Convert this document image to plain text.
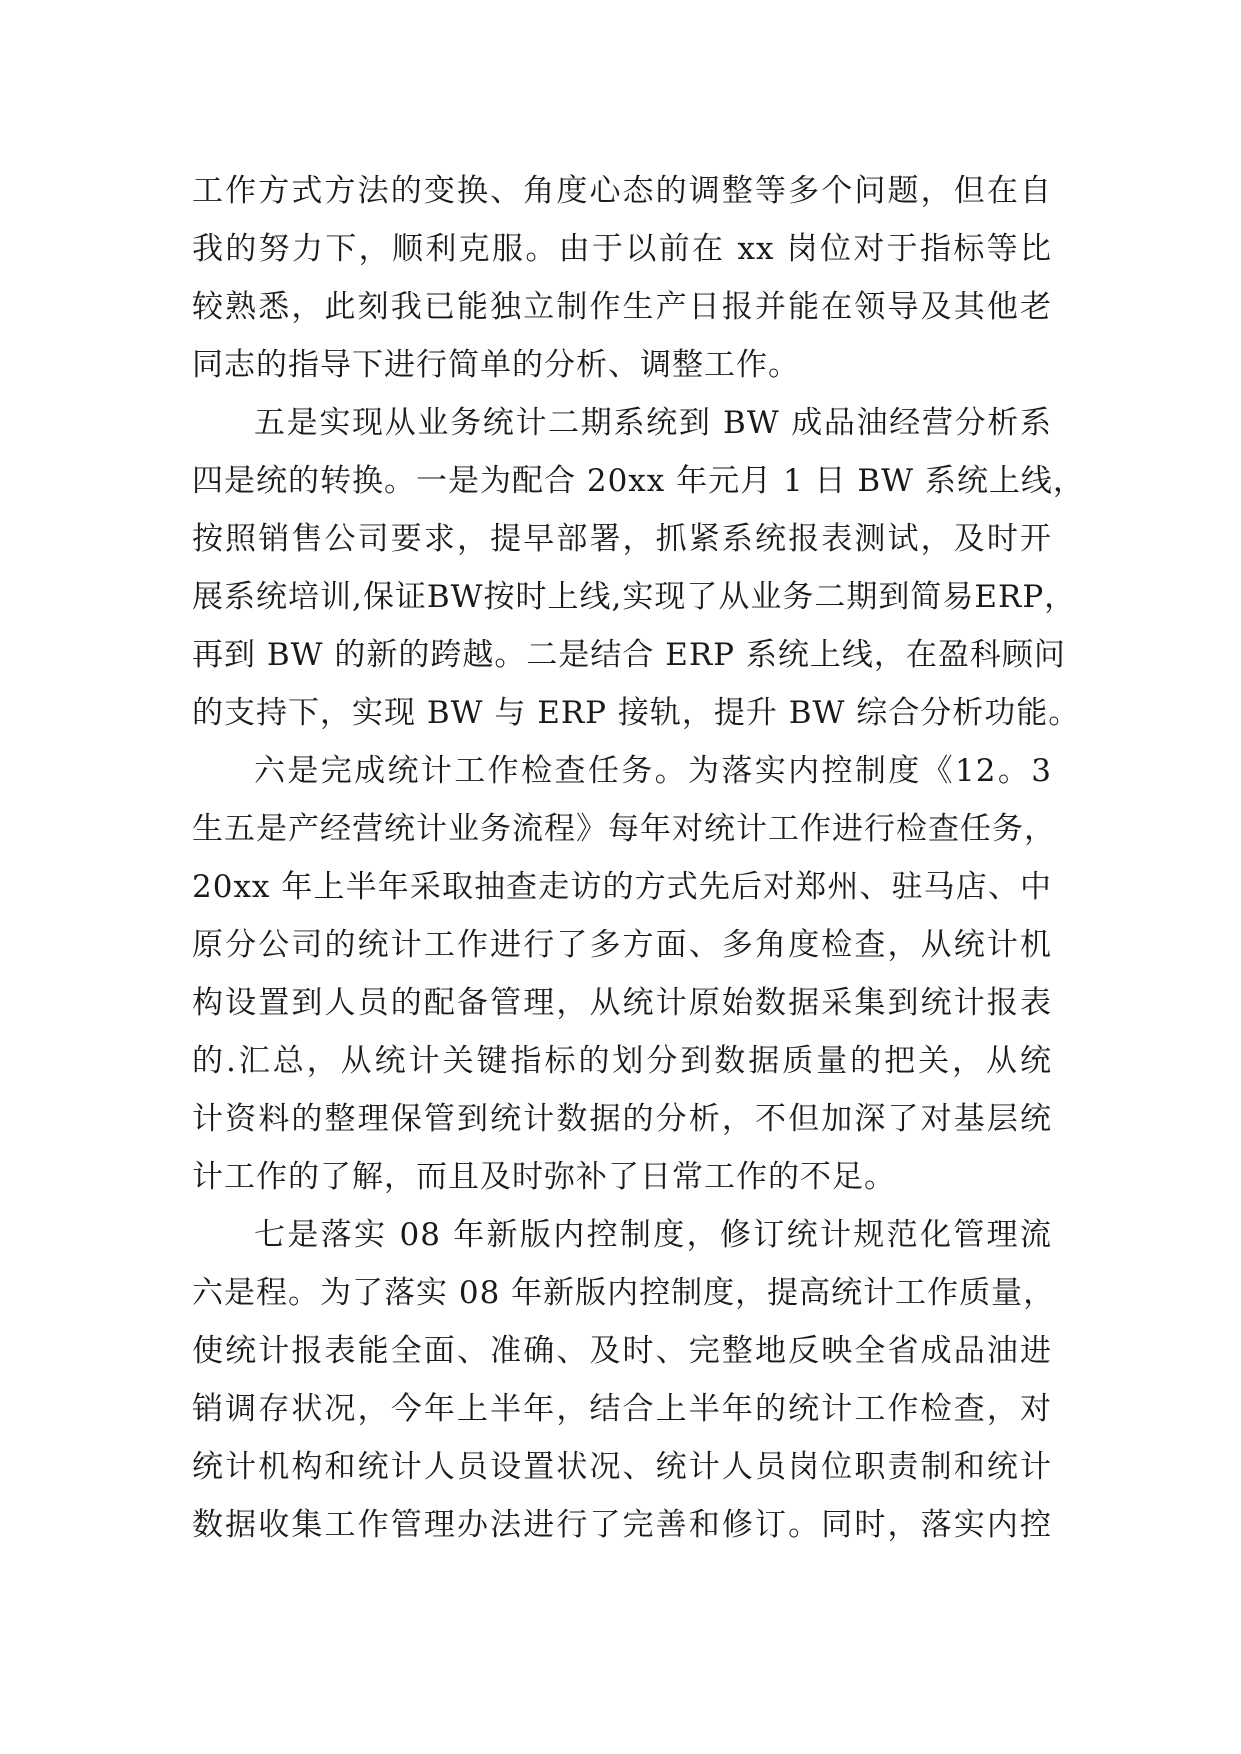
工作方式方法的变换、角度心态的调整等多个问题，但在自
我的努力下，顺利克服。由于以前在 xx 岗位对于指标等比
较熟悉，此刻我已能独立制作生产日报并能在领导及其他老
同志的指导下进行简单的分析、调整工作。
五是实现从业务统计二期系统到 BW 成品油经营分析系
四是统的转换。一是为配合 20xx 年元月 1 日 BW 系统上线，
按照销售公司要求，提早部署，抓紧系统报表测试，及时开
展系统培训,保证BW按时上线,实现了从业务二期到简易ERP，
再到 BW 的新的跨越。二是结合 ERP 系统上线，在盈科顾问
的支持下，实现 BW 与 ERP 接轨，提升 BW 综合分析功能。
六是完成统计工作检查任务。为落实内控制度《12。3
生五是产经营统计业务流程》每年对统计工作进行检查任务，
20xx 年上半年采取抽查走访的方式先后对郑州、驻马店、中
原分公司的统计工作进行了多方面、多角度检查，从统计机
构设置到人员的配备管理，从统计原始数据采集到统计报表
的.汇总，从统计关键指标的划分到数据质量的把关，从统
计资料的整理保管到统计数据的分析，不但加深了对基层统
计工作的了解，而且及时弥补了日常工作的不足。
七是落实 08 年新版内控制度，修订统计规范化管理流
六是程。为了落实 08 年新版内控制度，提高统计工作质量，
使统计报表能全面、准确、及时、完整地反映全省成品油进
销调存状况，今年上半年，结合上半年的统计工作检查，对
统计机构和统计人员设置状况、统计人员岗位职责制和统计
数据收集工作管理办法进行了完善和修订。同时，落实内控
